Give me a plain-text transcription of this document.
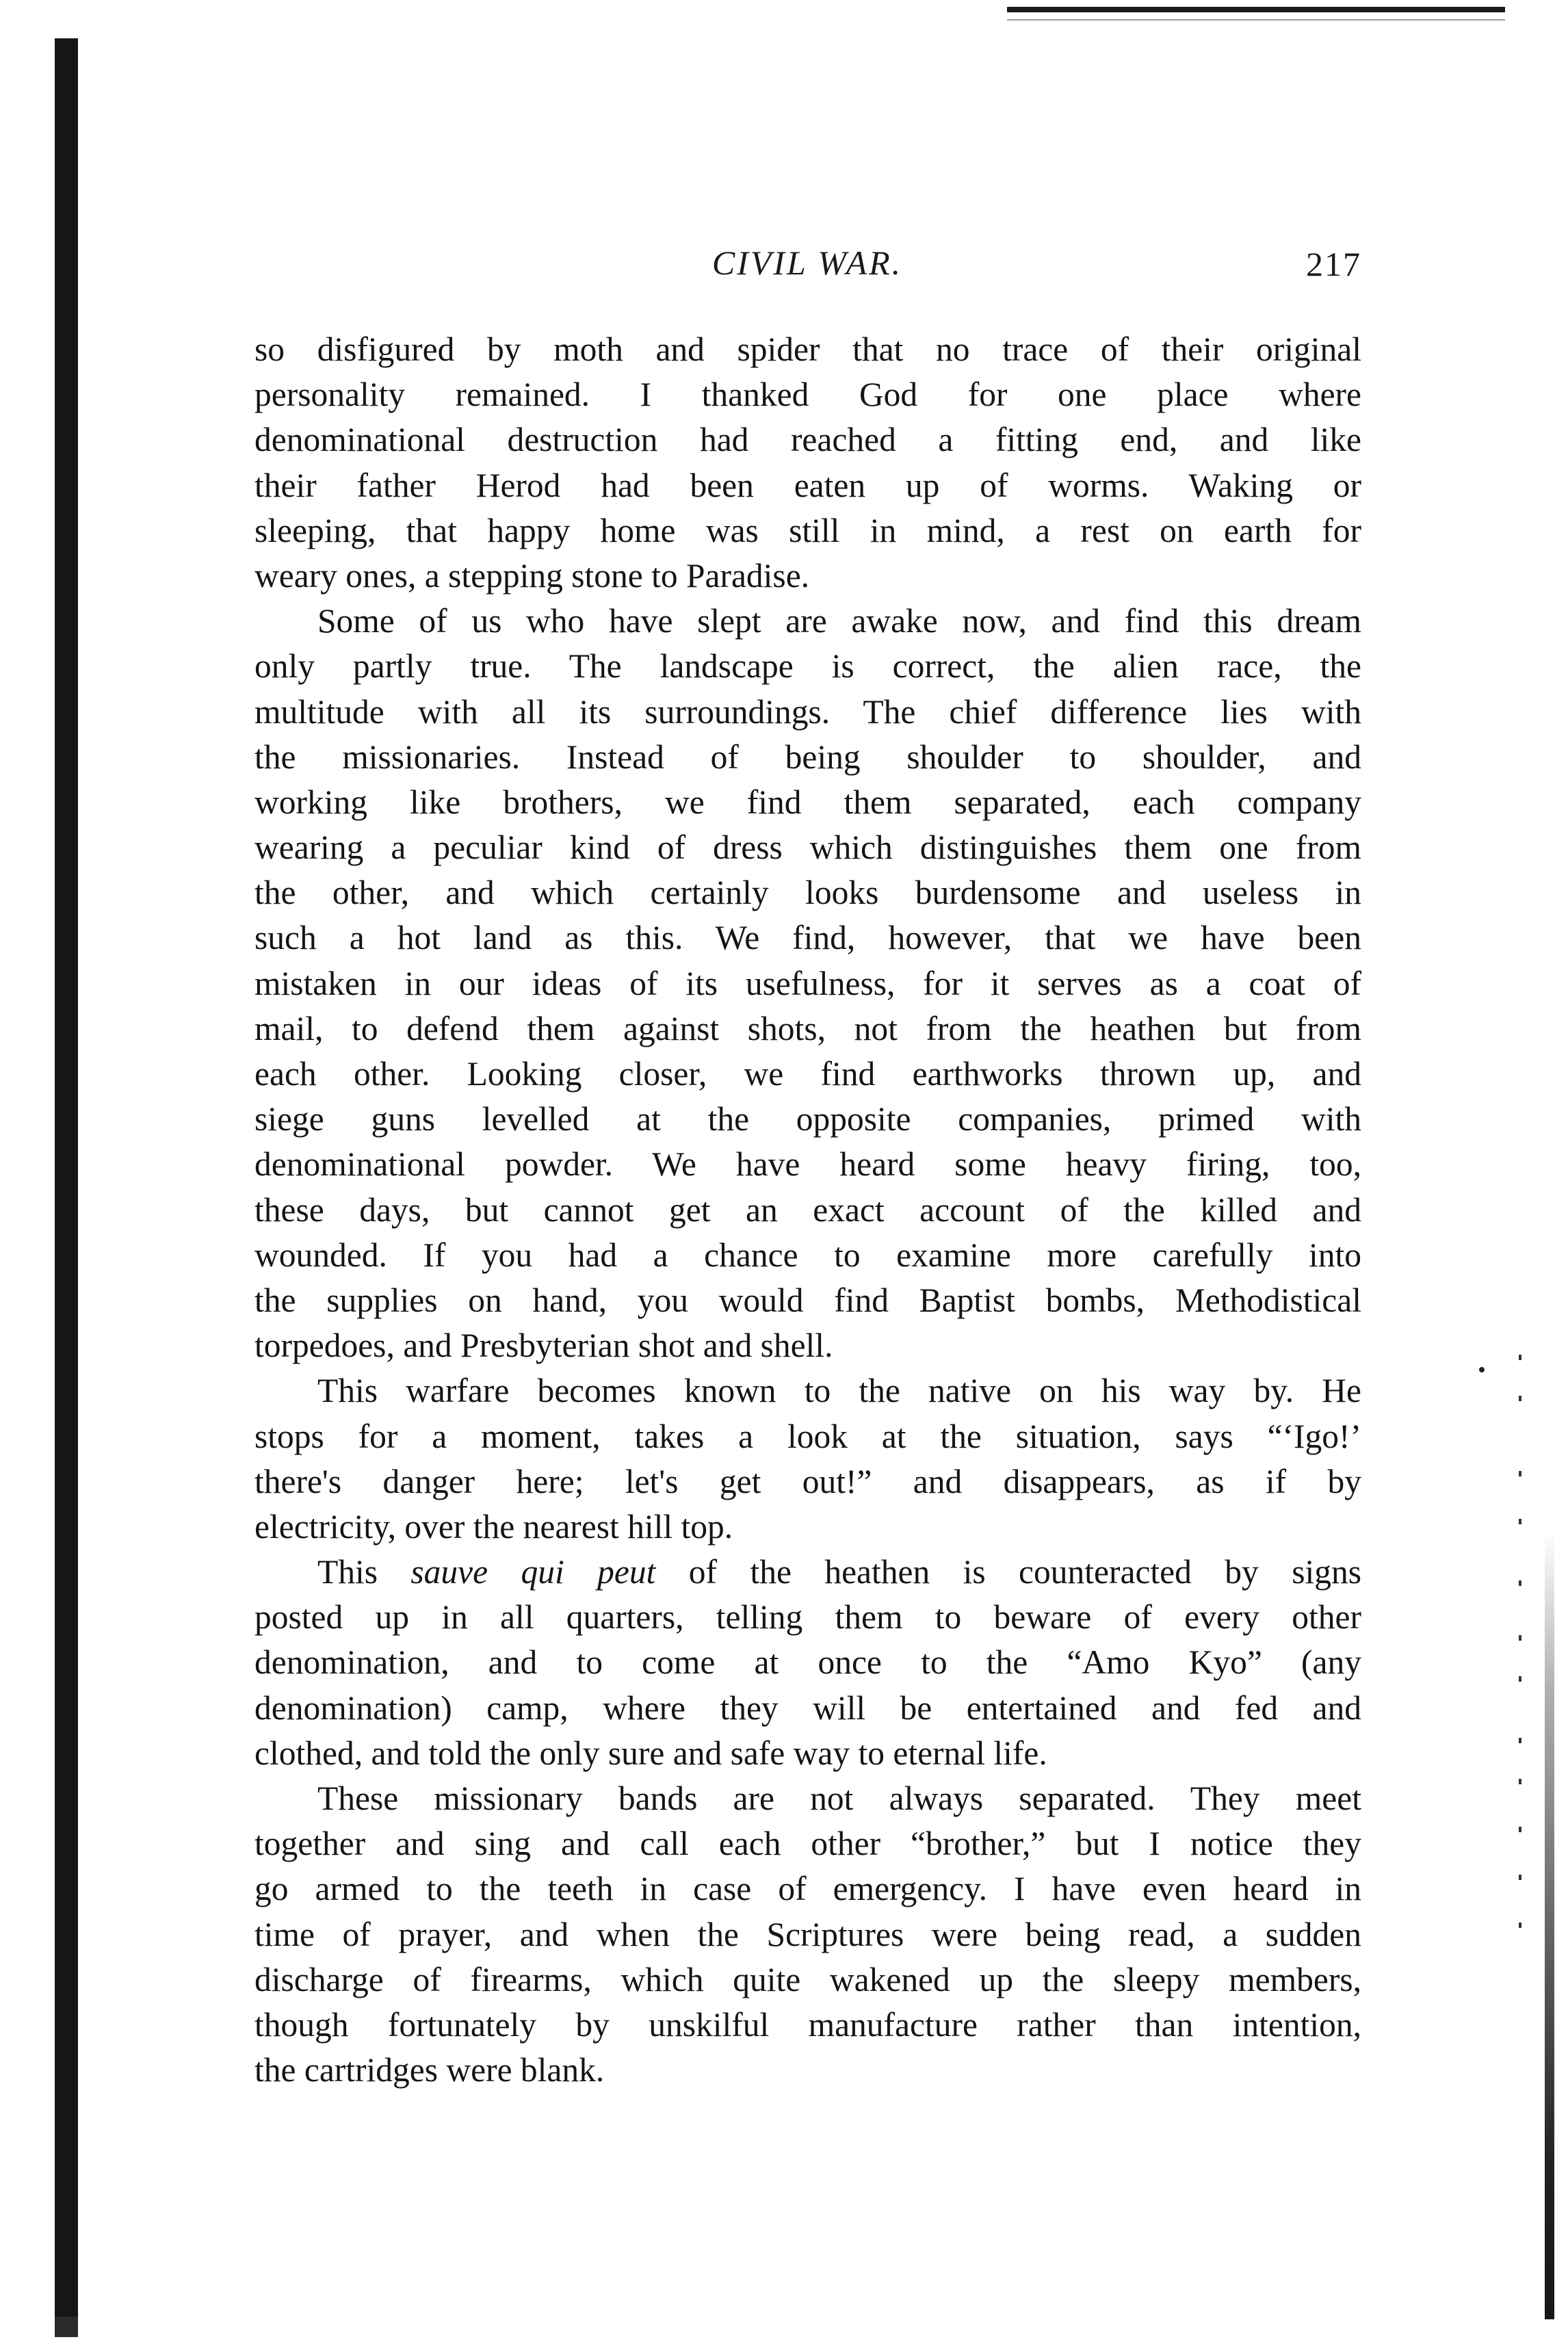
CIVIL WAR.	217
so disfigured by moth and spider that no trace of their original
personality remained. I thanked God for one place where
denominational destruction had reached a fitting end, and like
their father Herod had been eaten up of worms. Waking or
sleeping, that happy home was still in mind, a rest on earth for
weary ones, a stepping stone to Paradise.
Some of us who have slept are awake now, and find this dream
only partly true. The landscape is correct, the alien race, the
multitude with all its surroundings. The chief difference lies with
the missionaries. Instead of being shoulder to shoulder, and
working like brothers, we find them separated, each company
wearing a peculiar kind of dress which distinguishes them one from
the other, and which certainly looks burdensome and useless in
such a hot land as this. We find, however, that we have been
mistaken in our ideas of its usefulness, for it serves as a coat of
mail, to defend them against shots, not from the heathen but from
each other. Looking closer, we find earthworks thrown up, and
siege guns levelled at the opposite companies, primed with
denominational powder. We have heard some heavy firing, too,
these days, but cannot get an exact account of the killed and
wounded. If you had a chance to examine more carefully into
the supplies on hand, you would find Baptist bombs, Methodistical
torpedoes, and Presbyterian shot and shell.
This warfare becomes known to the native on his way by. He
stops for a moment, takes a look at the situation, says “‘Igo!’
there's danger here; let's get out!” and disappears, as if by
electricity, over the nearest hill top.
This sauve qui peut of the heathen is counteracted by signs
posted up in all quarters, telling them to beware of every other
denomination, and to come at once to the “Amo Kyo” (any
denomination) camp, where they will be entertained and fed and
clothed, and told the only sure and safe way to eternal life.
These missionary bands are not always separated. They meet
together and sing and call each other “brother,” but I notice they
go armed to the teeth in case of emergency. I have even heard in
time of prayer, and when the Scriptures were being read, a sudden
discharge of firearms, which quite wakened up the sleepy members,
though fortunately by unskilful manufacture rather than intention,
the cartridges were blank.
